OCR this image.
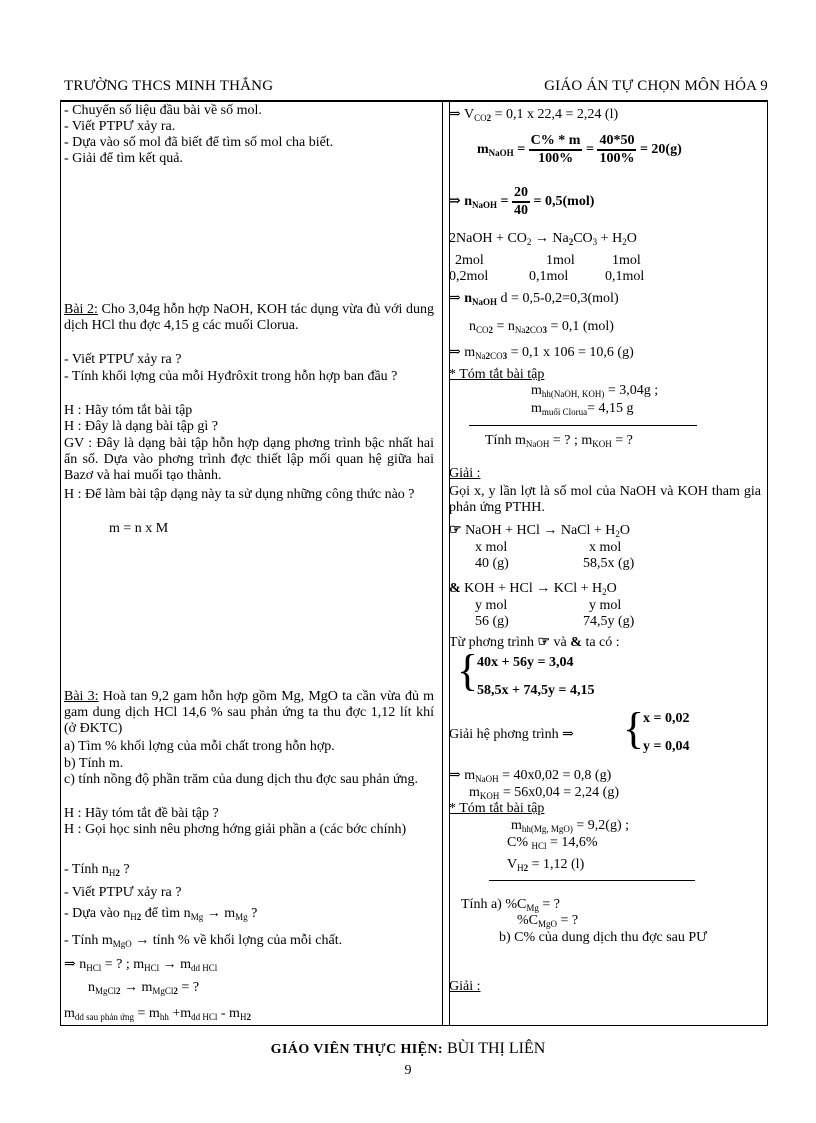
TRƯỜNG THCS MINH THẮNG	GIÁO ÁN TỰ CHỌN MÔN HÓA 9
- Chuyển số liệu đầu bài về số mol.
- Viết PTPƯ xảy ra.
- Dựa vào số mol đã biết để tìm số mol cha biết.
- Giải để tìm kết quả.
Bài 2: Cho 3,04g hỗn hợp NaOH, KOH tác dụng vừa đủ với dung dịch HCl thu đợc 4,15 g các muối Clorua.
- Viết PTPƯ xảy ra ?
- Tính khối lợng của mỗi Hyđrôxit trong hỗn hợp ban đầu ?
H : Hãy tóm tắt bài tập
H : Đây là dạng bài tập gì ?
GV : Đây là dạng bài tập hỗn hợp dạng phơng trình bậc nhất hai ẩn số. Dựa vào phơng trình đợc thiết lập mối quan hệ giữa hai Bazơ và hai muối tạo thành.
H : Để làm bài tập dạng này ta sử dụng những công thức nào ?
m = n x M
Bài 3: Hoà tan 9,2 gam hỗn hợp gồm Mg, MgO ta cần vừa đủ m gam dung dịch HCl 14,6 % sau phản ứng ta thu đợc 1,12 lít khí (ở ĐKTC)
a) Tìm % khối lợng của mỗi chất trong hỗn hợp.
b) Tính m.
c) tính nồng độ phần trăm của dung dịch thu đợc sau phản ứng.
H : Hãy tóm tắt đề bài tập ?
H : Gọi học sinh nêu phơng hớng giải phần a (các bớc chính)
- Tính $n_{H2}$ ?
- Viết PTPƯ xảy ra ?
- Dựa vào $n_{H2}$ để tìm $n_{Mg} \to m_{Mg}$ ?
- Tính $m_{MgO}$ → tính % về khối lợng của mỗi chất.
⇒ $n_{HCl}$ = ? ; $m_{HCl} \to m_{dd HCl}$
$n_{MgCl2} \to m_{MgCl2}$ = ?
$m_{dd sau phản ứng} = m_{hh} +m_{dd HCl} - m_{H2}$
⇒ $V_{CO2} = 0,1$ x 22,4 = 2,24 (l)
$m_{NaOH} = \frac{C\% * m}{100\%} = \frac{40*50}{100\%} = 20(g)$
⇒ $n_{NaOH} = \frac{20}{40} = 0,5(mol)$
2NaOH + $CO_2 \to Na_2CO_3 + H_2O$
2mol	1mol	1mol
0,2mol	0,1mol	0,1mol
⇒ $n_{NaOH}$ d = 0,5-0,2=0,3(mol)
$n_{CO2} = n_{Na2CO3} = 0,1$ (mol)
⇒ $m_{Na2CO3} = 0,1$ x 106 = 10,6 (g)
* Tóm tắt bài tập
$m_{hh(NaOH, KOH)} = 3,04g$ ;
$m_{muối Clorua}= 4,15$ g
Tính $m_{NaOH}$ = ? ; $m_{KOH}$ = ?
Giải :
Gọi x, y lần lợt là số mol của NaOH và KOH tham gia phản ứng PTHH.
☞ NaOH + HCl → NaCl + $H_2O$
x mol	x mol
40 (g)	58,5x (g)
& KOH + HCl → KCl + $H_2O$
y mol	y mol
56 (g)	74,5y (g)
Từ phơng trình ☞ và & ta có :
{
40x + 56y = 3,04
58,5x + 74,5y = 4,15
Giải hệ phơng trình ⇒ {
x = 0,02
y = 0,04
⇒ $m_{NaOH} = 40x0,02 = 0,8$ (g)
$m_{KOH} = 56x0,04 = 2,24$ (g)
* Tóm tắt bài tập
$m_{hh(Mg, MgO)} = 9,2(g)$ ;
C% $_{HCl}$ = 14,6%
$V_{H2} = 1,12$ (l)
Tính a) $\%C_{Mg}$ = ?
$\%C_{MgO}$ = ?
b) C% của dung dịch thu đợc sau PƯ
Giải :
GIÁO VIÊN THỰC HIỆN: BÙI THỊ LIÊN
9
